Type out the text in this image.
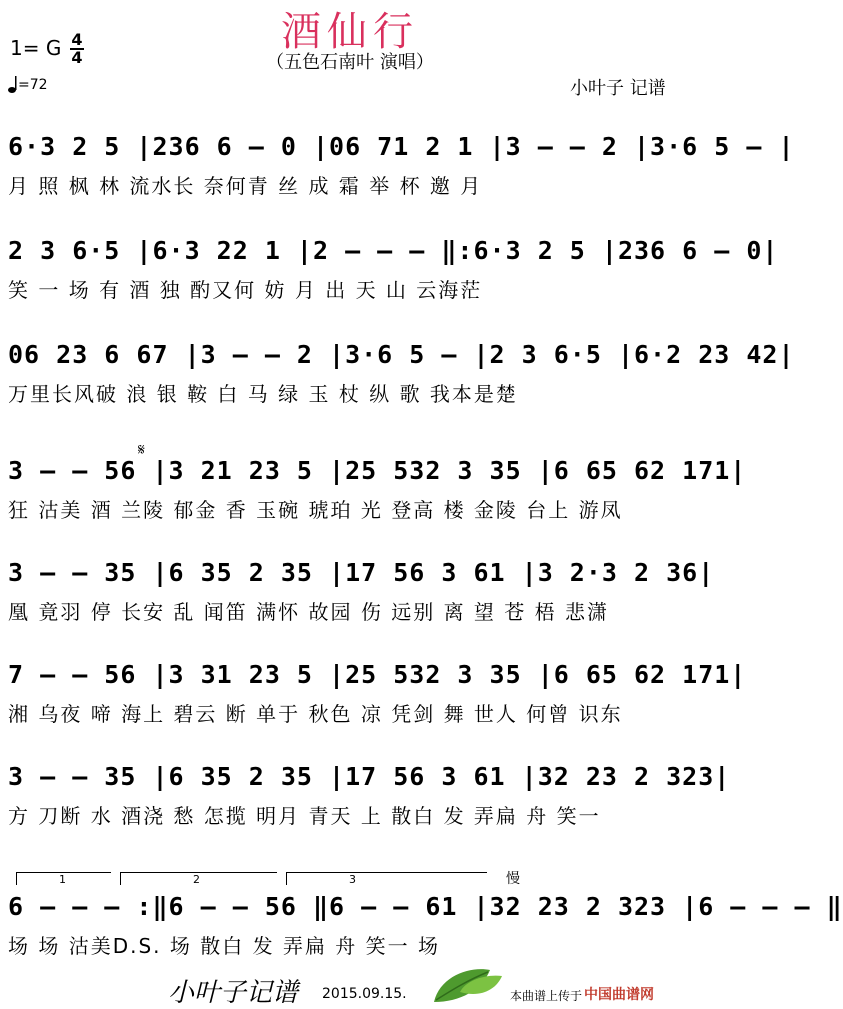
酒仙行
（五色石南叶 演唱）
1= G 4
4
=72	小叶子 记谱
6·3 2 5 |236 6 – 0 |06 71 2 1 |3 – – 2 |3·6 5 – |
月 照 枫 林 流水长 奈何青 丝 成 霜 举 杯 邀 月
2 3 6·5 |6·3 22 1 |2 – – – ‖:6·3 2 5 |236 6 – 0|
笑 一 场 有 酒 独 酌又何 妨 月 出 天 山 云海茫
06 23 6 67 |3 – – 2 |3·6 5 – |2 3 6·5 |6·2 23 42|
万里长风破 浪 银 鞍 白 马 绿 玉 杖 纵 歌 我本是楚
𝄋
3 – – 56 |3 21 23 5 |25 532 3 35 |6 65 62 171|
狂 沽美 酒 兰陵 郁金 香 玉碗 琥珀 光 登高 楼 金陵 台上 游凤
3 – – 35 |6 35 2 35 |17 56 3 61 |3 2·3 2 36|
凰 竟羽 停 长安 乱 闻笛 满怀 故园 伤 远别 离 望 苍 梧 悲潇
7 – – 56 |3 31 23 5 |25 532 3 35 |6 65 62 171|
湘 乌夜 啼 海上 碧云 断 单于 秋色 凉 凭剑 舞 世人 何曾 识东
3 – – 35 |6 35 2 35 |17 56 3 61 |32 23 2 323|
方 刀断 水 酒浇 愁 怎揽 明月 青天 上 散白 发 弄扁 舟 笑一
1	2	3	慢
6 – – – :‖6 – – 56 ‖6 – – 61 |32 23 2 323 |6 – – – ‖
场 场 沽美D.S. 场 散白 发 弄扁 舟 笑一 场
小叶子记谱 2015.09.15.	本曲谱上传于 中国曲谱网
